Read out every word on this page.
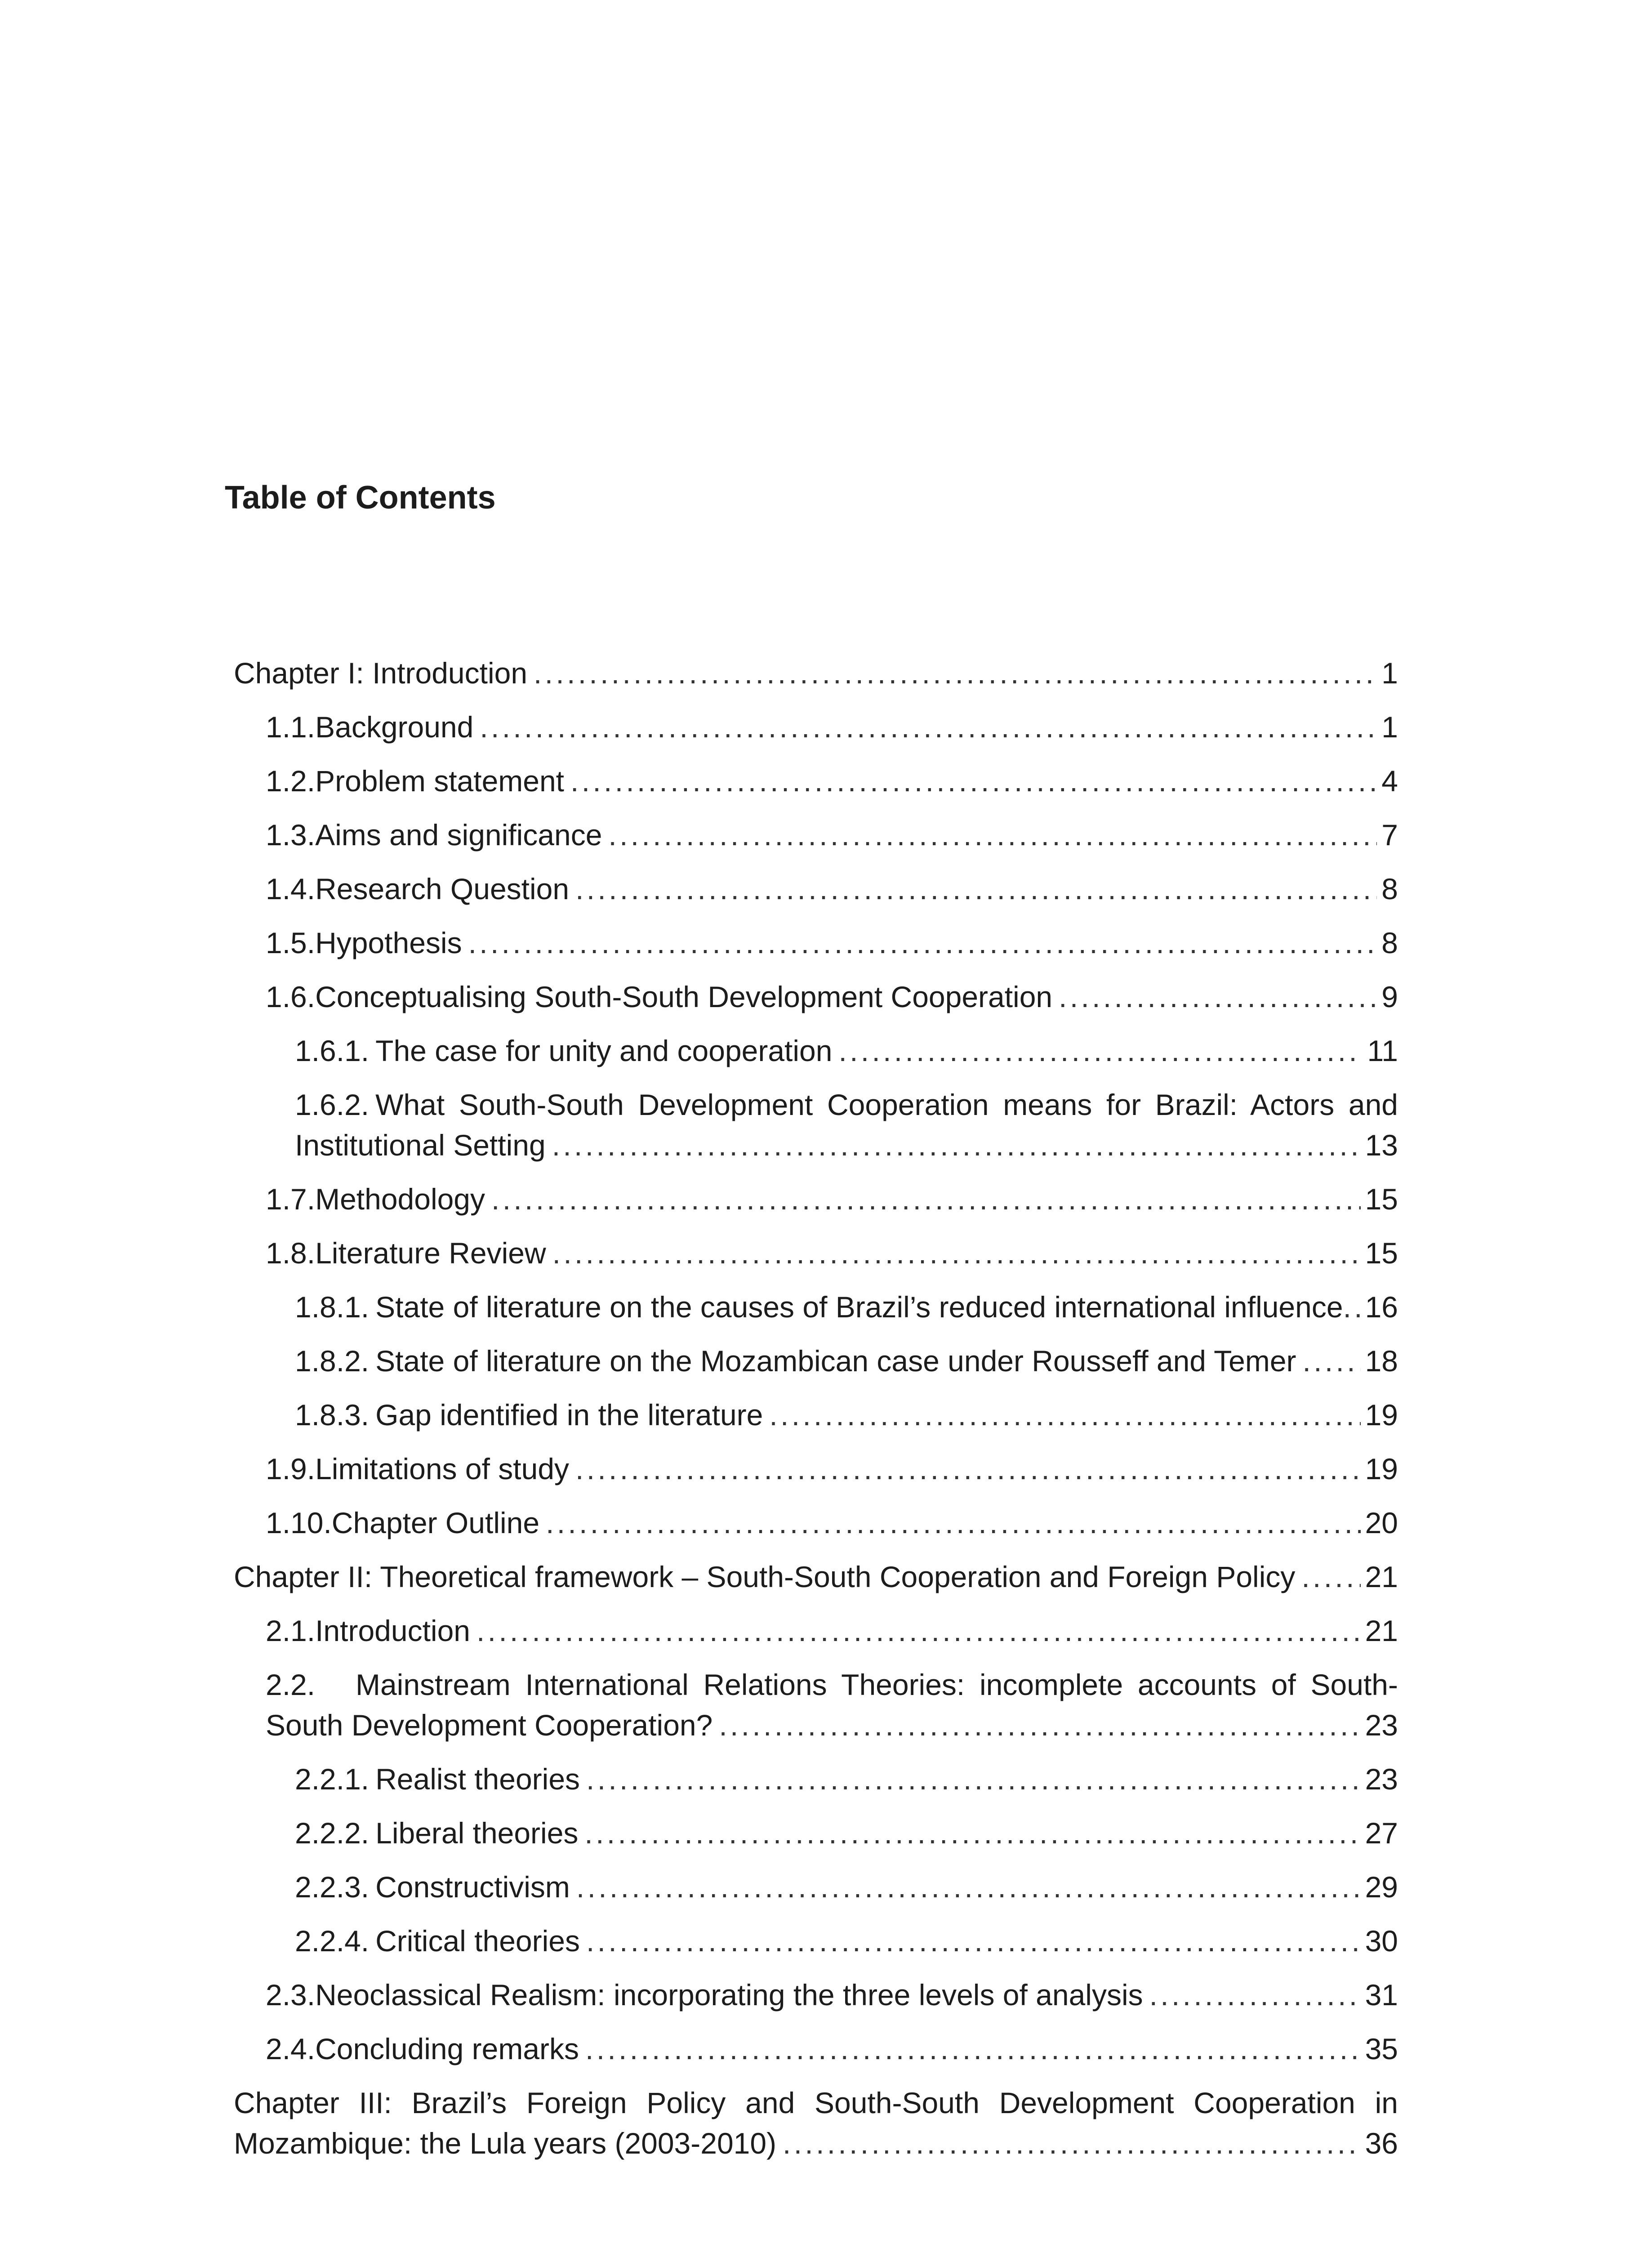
Table of Contents
Chapter I: Introduction . . .	1
1.1. Background . . .	1
1.2. Problem statement . . .	4
1.3. Aims and significance . . .	7
1.4. Research Question . . .	8
1.5. Hypothesis . . .	8
1.6. Conceptualising South-South Development Cooperation . . .	9
1.6.1. The case for unity and cooperation . . .	11
1.6.2. What South-South Development Cooperation means for Brazil: Actors and
Institutional Setting . . .	13
1.7. Methodology . . .	15
1.8. Literature Review . . .	15
1.8.1. State of literature on the causes of Brazil’s reduced international influence . . . 16
1.8.2. State of literature on the Mozambican case under Rousseff and Temer . . . 18
1.8.3. Gap identified in the literature . . .	19
1.9. Limitations of study . . .	19
1.10. Chapter Outline . . .	20
Chapter II: Theoretical framework – South-South Cooperation and Foreign Policy . . . 21
2.1. Introduction . . .	21
2.2. Mainstream International Relations Theories: incomplete accounts of South-
South Development Cooperation? . . .	23
2.2.1. Realist theories . . .	23
2.2.2. Liberal theories . . .	27
2.2.3. Constructivism . . .	29
2.2.4. Critical theories . . .	30
2.3. Neoclassical Realism: incorporating the three levels of analysis . . .	31
2.4. Concluding remarks . . .	35
Chapter III: Brazil’s Foreign Policy and South-South Development Cooperation in
Mozambique: the Lula years (2003-2010) . . .	36
